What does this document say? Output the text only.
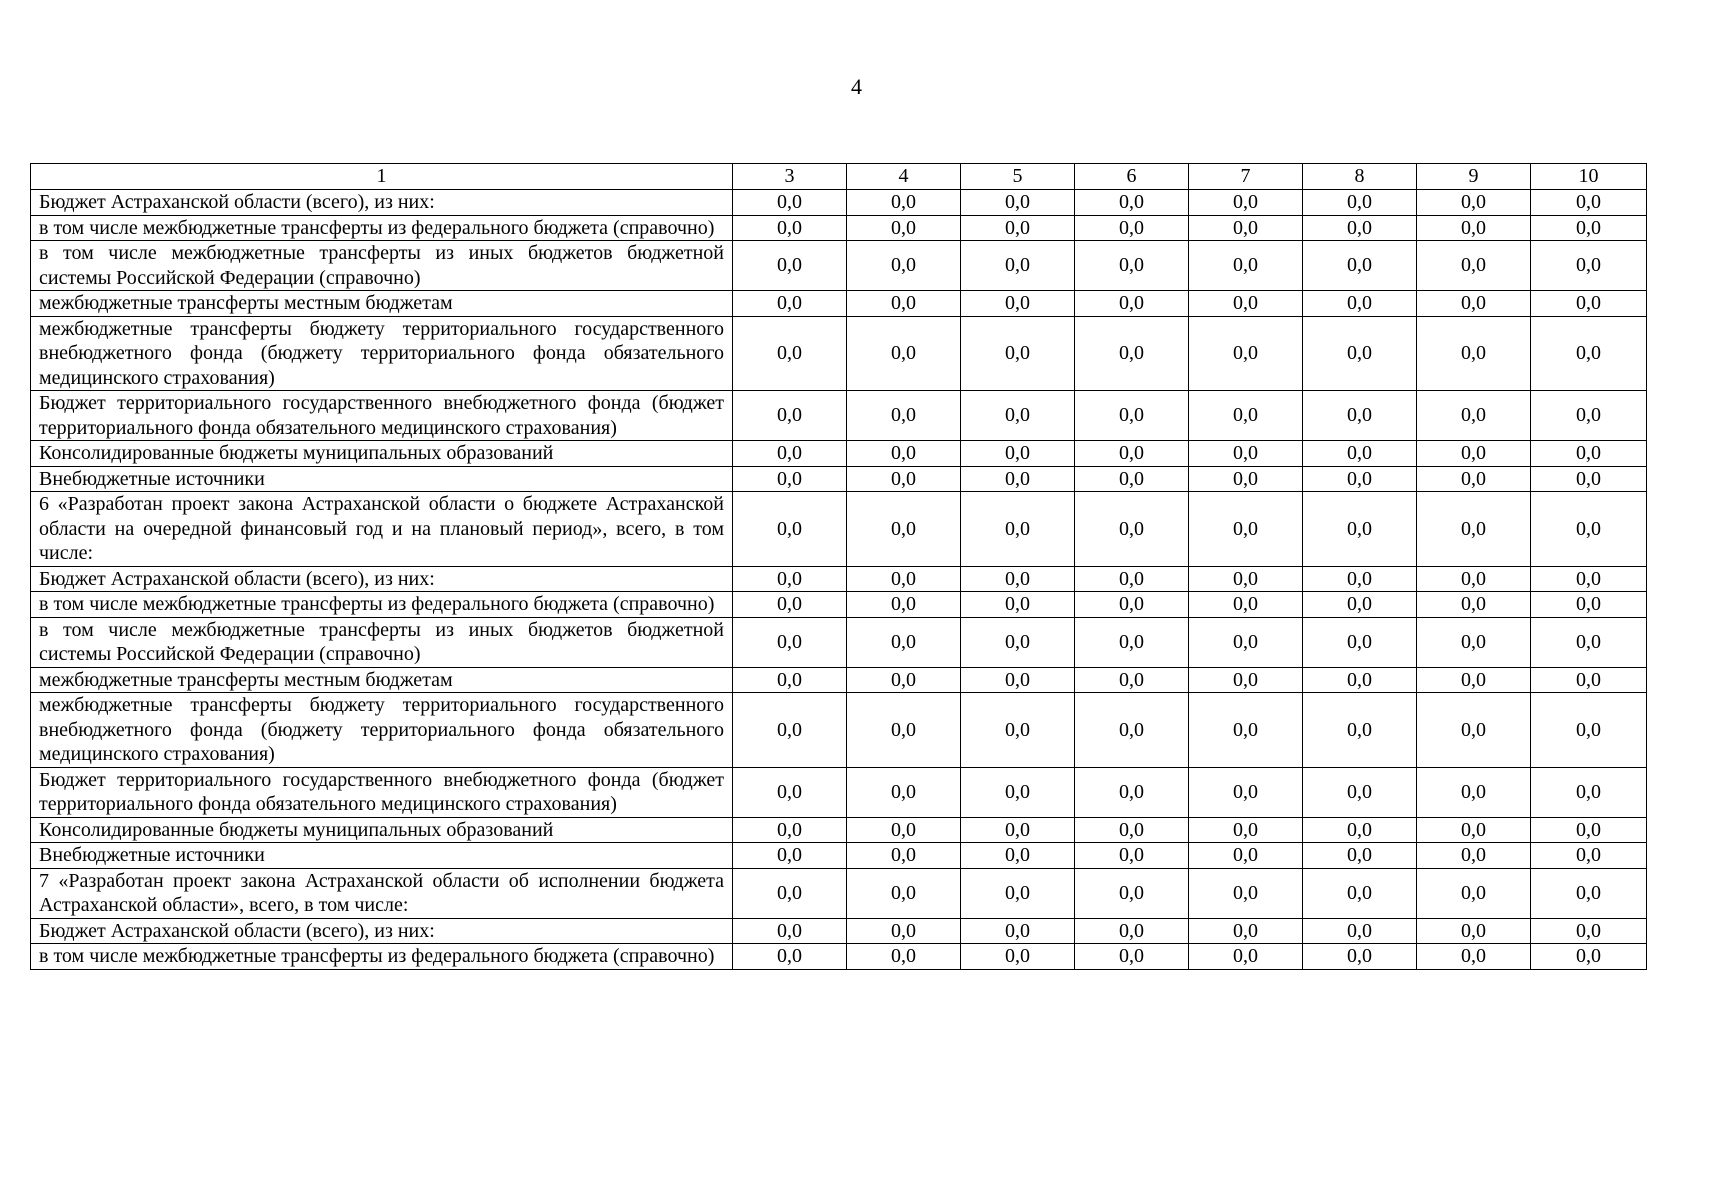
4
1	3	4	5	6	7	8	9	10
Бюджет Астраханской области (всего), из них:	0,0	0,0	0,0	0,0	0,0	0,0	0,0	0,0
в том числе межбюджетные трансферты из федерального бюджета (справочно)	0,0	0,0	0,0	0,0	0,0	0,0	0,0	0,0
в том числе межбюджетные трансферты из иных бюджетов бюджетной системы Российской Федерации (справочно)	0,0	0,0	0,0	0,0	0,0	0,0	0,0	0,0
межбюджетные трансферты местным бюджетам	0,0	0,0	0,0	0,0	0,0	0,0	0,0	0,0
межбюджетные трансферты бюджету территориального государственного внебюджетного фонда (бюджету территориального фонда обязательного медицинского страхования)	0,0	0,0	0,0	0,0	0,0	0,0	0,0	0,0
Бюджет территориального государственного внебюджетного фонда (бюджет территориального фонда обязательного медицинского страхования)	0,0	0,0	0,0	0,0	0,0	0,0	0,0	0,0
Консолидированные бюджеты муниципальных образований	0,0	0,0	0,0	0,0	0,0	0,0	0,0	0,0
Внебюджетные источники	0,0	0,0	0,0	0,0	0,0	0,0	0,0	0,0
6 «Разработан проект закона Астраханской области о бюджете Астраханской области на очередной финансовый год и на плановый период», всего, в том числе:	0,0	0,0	0,0	0,0	0,0	0,0	0,0	0,0
Бюджет Астраханской области (всего), из них:	0,0	0,0	0,0	0,0	0,0	0,0	0,0	0,0
в том числе межбюджетные трансферты из федерального бюджета (справочно)	0,0	0,0	0,0	0,0	0,0	0,0	0,0	0,0
в том числе межбюджетные трансферты из иных бюджетов бюджетной системы Российской Федерации (справочно)	0,0	0,0	0,0	0,0	0,0	0,0	0,0	0,0
межбюджетные трансферты местным бюджетам	0,0	0,0	0,0	0,0	0,0	0,0	0,0	0,0
межбюджетные трансферты бюджету территориального государственного внебюджетного фонда (бюджету территориального фонда обязательного медицинского страхования)	0,0	0,0	0,0	0,0	0,0	0,0	0,0	0,0
Бюджет территориального государственного внебюджетного фонда (бюджет территориального фонда обязательного медицинского страхования)	0,0	0,0	0,0	0,0	0,0	0,0	0,0	0,0
Консолидированные бюджеты муниципальных образований	0,0	0,0	0,0	0,0	0,0	0,0	0,0	0,0
Внебюджетные источники	0,0	0,0	0,0	0,0	0,0	0,0	0,0	0,0
7 «Разработан проект закона Астраханской области об исполнении бюджета Астраханской области», всего, в том числе:	0,0	0,0	0,0	0,0	0,0	0,0	0,0	0,0
Бюджет Астраханской области (всего), из них:	0,0	0,0	0,0	0,0	0,0	0,0	0,0	0,0
в том числе межбюджетные трансферты из федерального бюджета (справочно)	0,0	0,0	0,0	0,0	0,0	0,0	0,0	0,0
